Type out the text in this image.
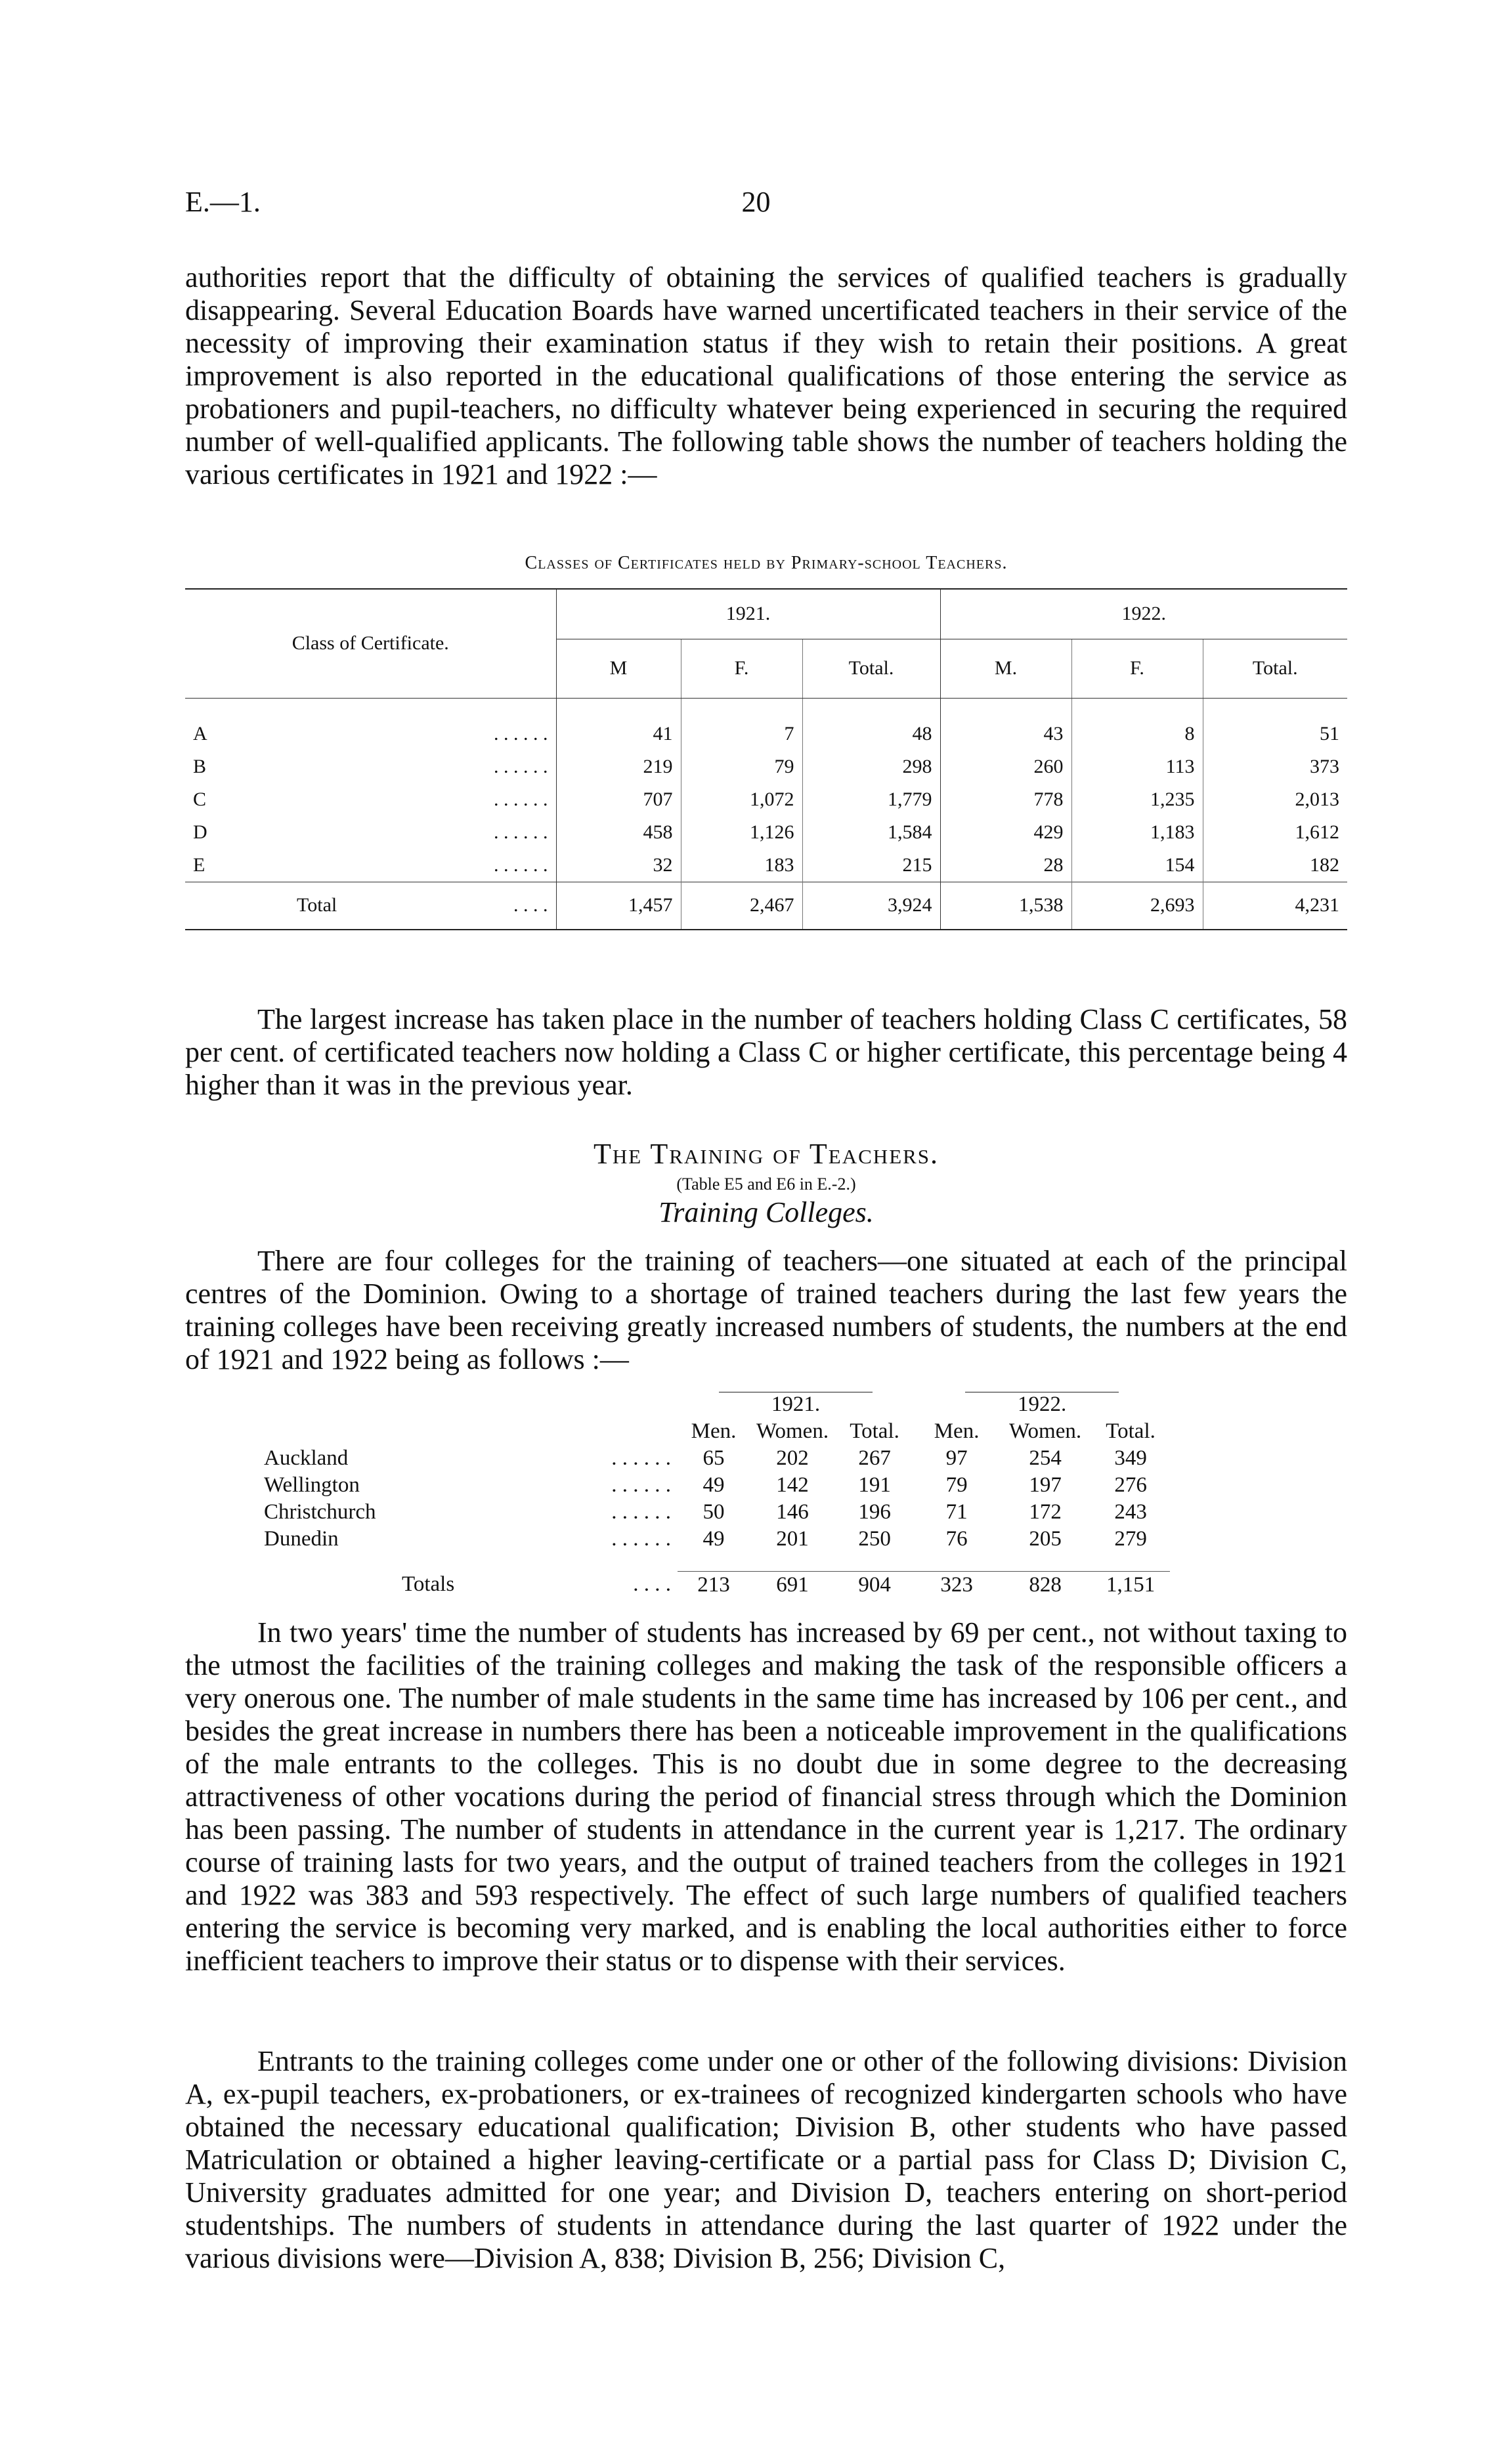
E.—1.	20

authorities report that the difficulty of obtaining the services of qualified teachers is gradually disappearing. Several Education Boards have warned uncertificated teachers in their service of the necessity of improving their examination status if they wish to retain their positions. A great improvement is also reported in the educational qualifications of those entering the service as probationers and pupil-teachers, no difficulty whatever being experienced in securing the required number of well-qualified applicants. The following table shows the number of teachers holding the various certificates in 1921 and 1922 :—

Classes of Certificates held by Primary-school Teachers.
Class of Certificate.	1921.			1922.		
	M	F.	Total.	M.	F.	Total.

A . . . . . .	41	7	48	43	8	51
B . . . . . .	219	79	298	260	113	373
C . . . . . .	707	1,072	1,779	778	1,235	2,013
D . . . . . .	458	1,126	1,584	429	1,183	1,612
E . . . . . .	32	183	215	28	154	182
Total . . . .	1,457	2,467	3,924	1,538	2,693	4,231

The largest increase has taken place in the number of teachers holding Class C certificates, 58 per cent. of certificated teachers now holding a Class C or higher certificate, this percentage being 4 higher than it was in the previous year.

The Training of Teachers.
(Table E5 and E6 in E.-2.)
Training Colleges.

There are four colleges for the training of teachers—one situated at each of the principal centres of the Dominion. Owing to a shortage of trained teachers during the last few years the training colleges have been receiving greatly increased numbers of students, the numbers at the end of 1921 and 1922 being as follows :—

	1921.			1922.		
	Men.	Women.	Total.	Men.	Women.	Total.
Auckland . . . . . .	65	202	267	97	254	349
Wellington . . . . . .	49	142	191	79	197	276
Christchurch . . . . . .	50	146	196	71	172	243
Dunedin . . . . . .	49	201	250	76	205	279

Totals . . . .	213	691	904	323	828	1,151

In two years' time the number of students has increased by 69 per cent., not without taxing to the utmost the facilities of the training colleges and making the task of the responsible officers a very onerous one. The number of male students in the same time has increased by 106 per cent., and besides the great increase in numbers there has been a noticeable improvement in the qualifications of the male entrants to the colleges. This is no doubt due in some degree to the decreasing attractiveness of other vocations during the period of financial stress through which the Dominion has been passing. The number of students in attendance in the current year is 1,217. The ordinary course of training lasts for two years, and the output of trained teachers from the colleges in 1921 and 1922 was 383 and 593 respectively. The effect of such large numbers of qualified teachers entering the service is becoming very marked, and is enabling the local authorities either to force inefficient teachers to improve their status or to dispense with their services.

Entrants to the training colleges come under one or other of the following divisions: Division A, ex-pupil teachers, ex-probationers, or ex-trainees of recognized kindergarten schools who have obtained the necessary educational qualification; Division B, other students who have passed Matriculation or obtained a higher leaving-certificate or a partial pass for Class D; Division C, University graduates admitted for one year; and Division D, teachers entering on short-period studentships. The numbers of students in attendance during the last quarter of 1922 under the various divisions were—Division A, 838; Division B, 256; Division C,
